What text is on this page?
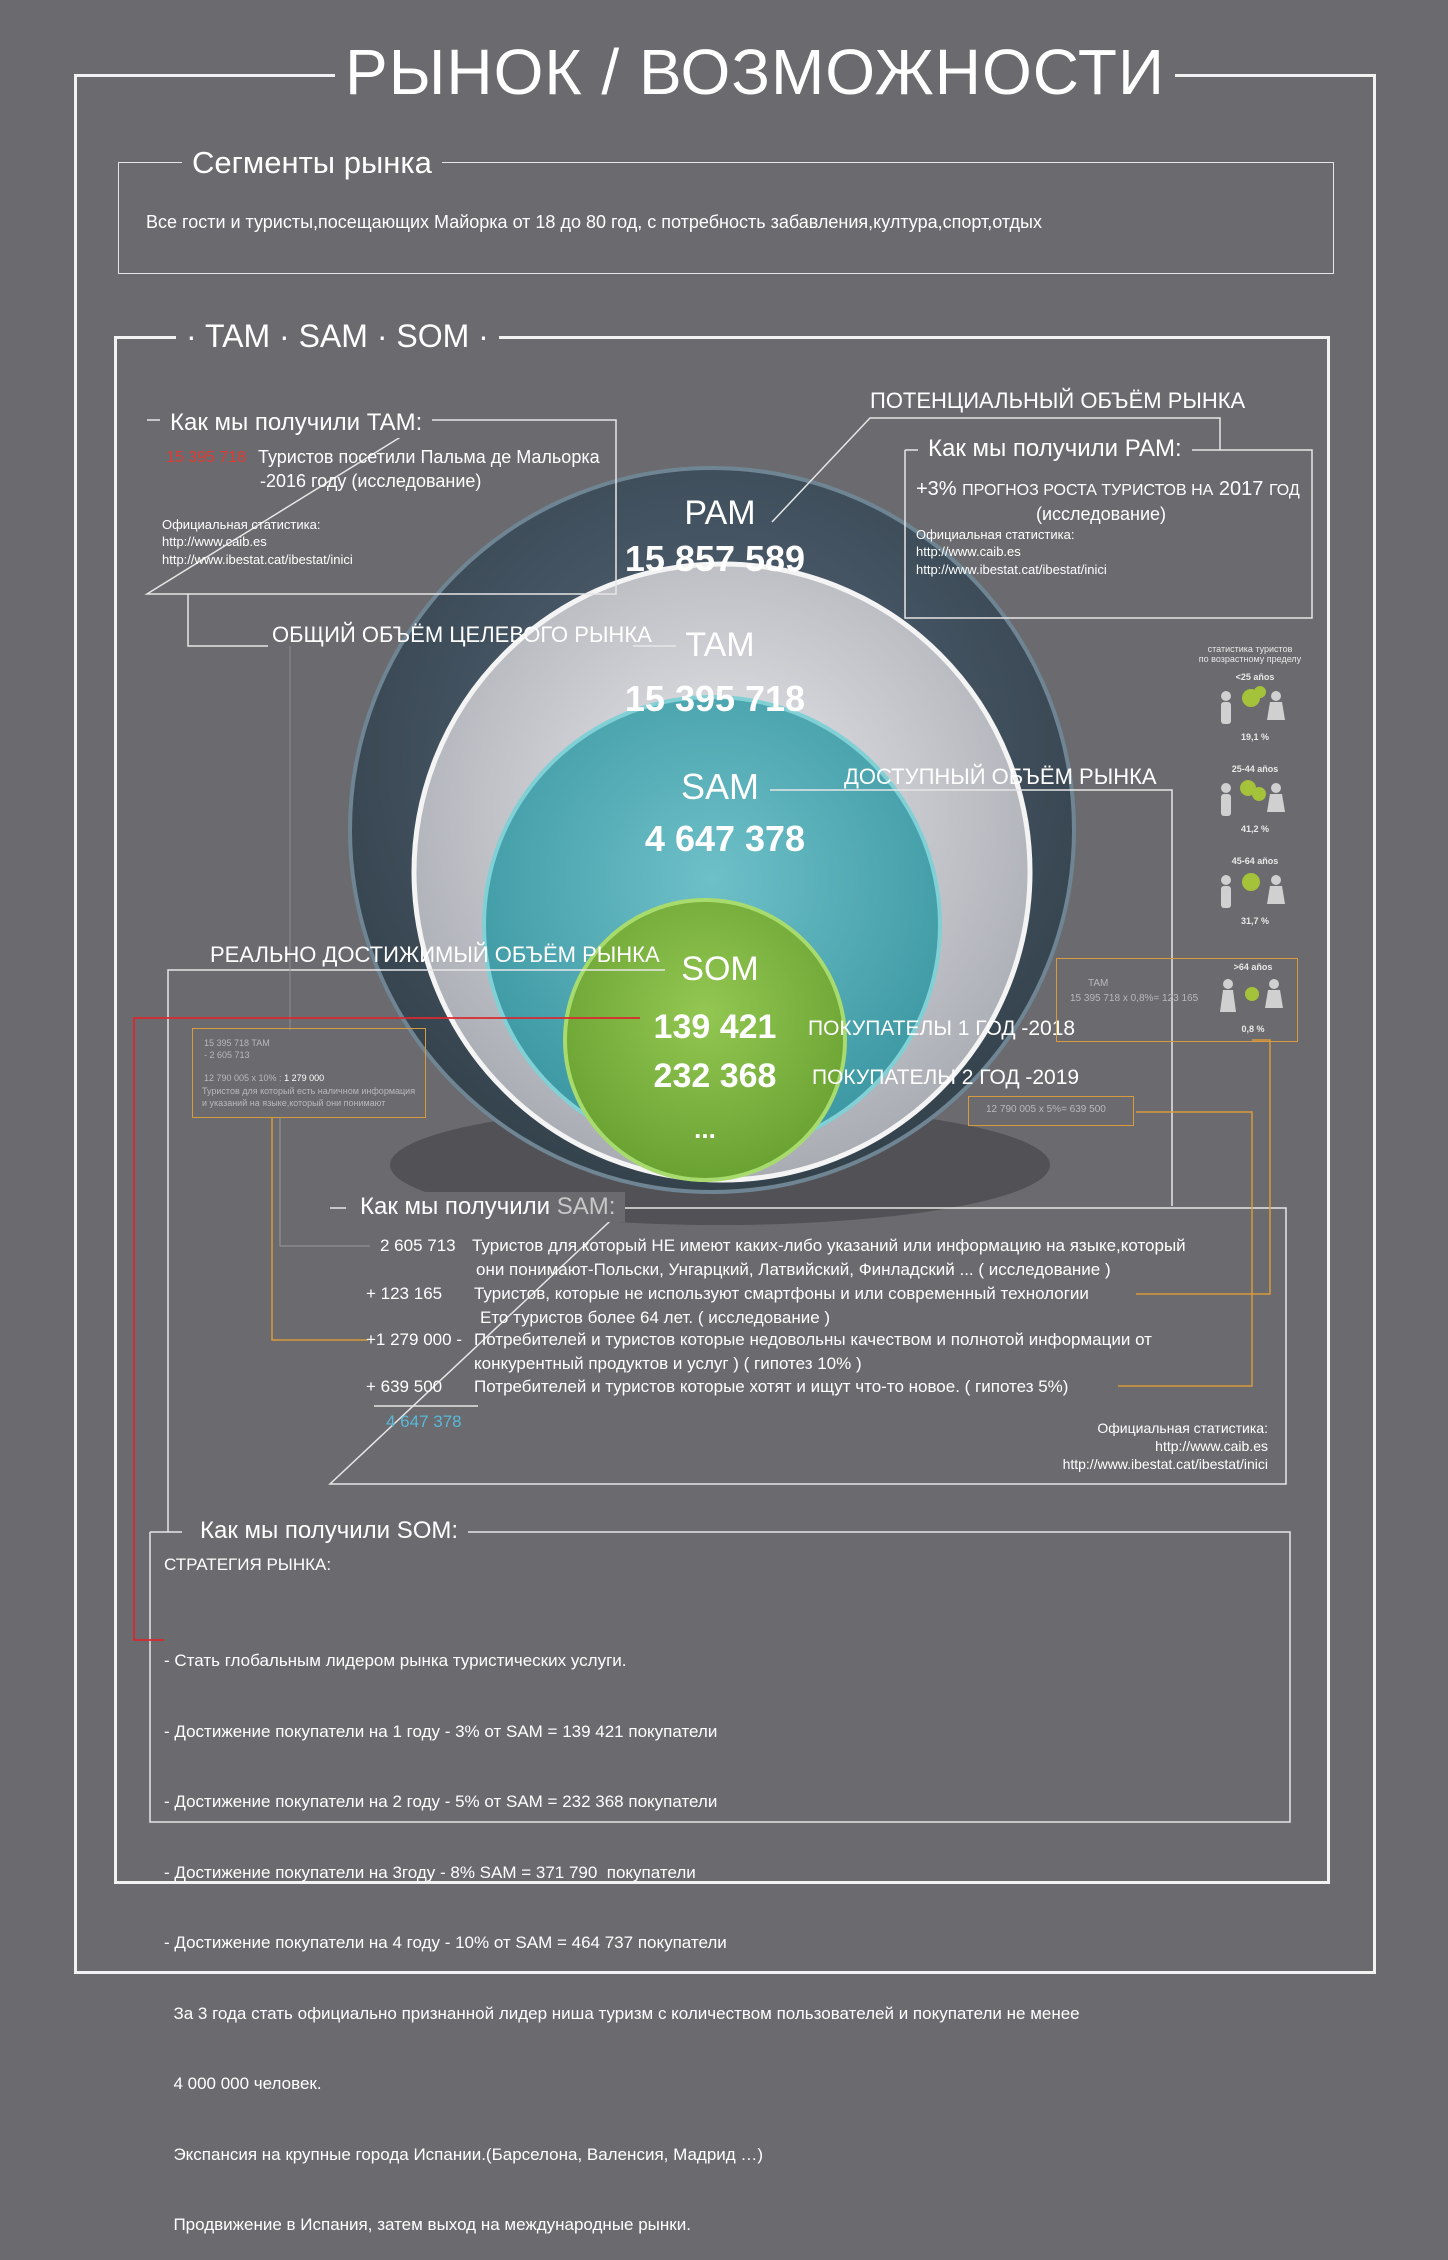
РЫНОК / ВОЗМОЖНОСТИ
Сегменты рынка
Все гости и туристы,посещающих Майорка от 18 до 80 год, с потребность забавления,култура,спорт,отдых
· TAM · SAM · SOM ·
Как мы получили TAM:
15 395 718 Туристов посетили Пальма де Мальорка
-2016 году (исследование)
Официальная статистика:
http://www.caib.es
http://www.ibestat.cat/ibestat/inici
ПОТЕНЦИАЛЬНЫЙ ОБЪЁМ РЫНКА
Как мы получили PAM:
+3% ПРОГНОЗ РОСТА ТУРИСТОВ НА 2017 ГОД
(исследование)
Официальная статистика:
http://www.caib.es
http://www.ibestat.cat/ibestat/inici
PAM
15 857 589
TAM
15 395 718
SAM
4 647 378
SOM
139 421
232 368
...
ОБЩИЙ ОБЪЁМ ЦЕЛЕВОГО РЫНКА
ДОСТУПНЫЙ ОБЪЁМ РЫНКА
РЕАЛЬНО ДОСТИЖИМЫЙ ОБЪЁМ РЫНКА
ПОКУПАТЕЛЫ 1 ГОД -2018
ПОКУПАТЕЛЫ 2 ГОД -2019
статистика туристов
по возрастному пределу
<25 años
19,1 %
25-44 años
41,2 %
45-64 años
31,7 %
TAM
15 395 718 x 0,8%= 123 165
>64 años
0,8 %
15 395 718 TAM
- 2 605 713
12 790 005 x 10% : 1 279 000
Туристов для который есть наличном информация
и указаний на языке,который они понимают
12 790 005 x 5%= 639 500
Как мы получили SAM:
2 605 713 Туристов для который НЕ имеют каких-либо указаний или информацию на языке,который
они понимают-Польски, Унгарцкий, Латвийский, Финладский ... ( исследование )
+ 123 165 Туристов, которые не используют смартфоны и или современный технологии
Ето туристов более 64 лет. ( исследование )
+1 279 000 - Потребителей и туристов которые недовольны качеством и полнотой информации от
конкурентный продуктов и услуг ) ( гипотез 10% )
+ 639 500 Потребителей и туристов которые хотят и ищут что-то новое. ( гипотез 5%)
4 647 378	Официальная статистика:
http://www.caib.es
http://www.ibestat.cat/ibestat/inici
Как мы получили SOM:
СТРАТЕГИЯ РЫНКА:

- Стать глобальным лидером рынка туристических услуги.

- Достижение покупатели на 1 году - 3% от SAM = 139 421 покупатели

- Достижение покупатели на 2 году - 5% от SAM = 232 368 покупатели

- Достижение покупатели на 3году - 8% SAM = 371 790  покупатели

- Достижение покупатели на 4 году - 10% от SAM = 464 737 покупатели

За 3 года стать официально признанной лидер ниша туризм с количеством пользователей и покупатели не менее

4 000 000 человек.

Экспансия на крупные города Испании.(Барселона, Валенсия, Мадрид …)

Продвижение в Испания, затем выход на международные рынки.
